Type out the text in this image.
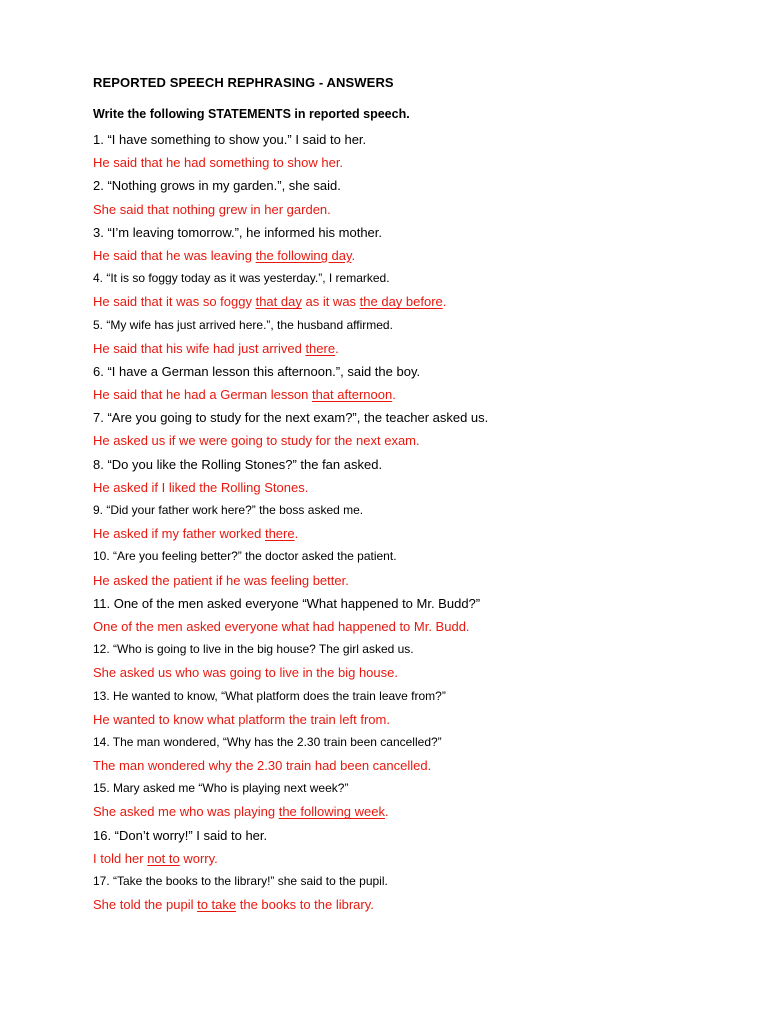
REPORTED SPEECH REPHRASING - ANSWERS

Write the following STATEMENTS in reported speech.

1. “I have something to show you.” I said to her.
He said that he had something to show her.
2. “Nothing grows in my garden.”, she said.
She said that nothing grew in her garden.
3. “I’m leaving tomorrow.”, he informed his mother.
He said that he was leaving the following day.
4. “It is so foggy today as it was yesterday.”, I remarked.
He said that it was so foggy that day as it was the day before.
5. “My wife has just arrived here.”, the husband affirmed.
He said that his wife had just arrived there.
6. “I have a German lesson this afternoon.”, said the boy.
He said that he had a German lesson that afternoon.
7. “Are you going to study for the next exam?”, the teacher asked us.
He asked us if we were going to study for the next exam.
8. “Do you like the Rolling Stones?” the fan asked.
He asked if I liked the Rolling Stones.
9. “Did your father work here?” the boss asked me.
He asked if my father worked there.
10. “Are you feeling better?” the doctor asked the patient.
He asked the patient if he was feeling better.
11. One of the men asked everyone “What happened to Mr. Budd?”
One of the men asked everyone what had happened to Mr. Budd.
12. “Who is going to live in the big house? The girl asked us.
She asked us who was going to live in the big house.
13. He wanted to know, “What platform does the train leave from?”
He wanted to know what platform the train left from.
14. The man wondered, “Why has the 2.30 train been cancelled?”
The man wondered why the 2.30 train had been cancelled.
15. Mary asked me “Who is playing next week?”
She asked me who was playing the following week.
16. “Don’t worry!” I said to her.
I told her not to worry.
17. “Take the books to the library!” she said to the pupil.
She told the pupil to take the books to the library.
